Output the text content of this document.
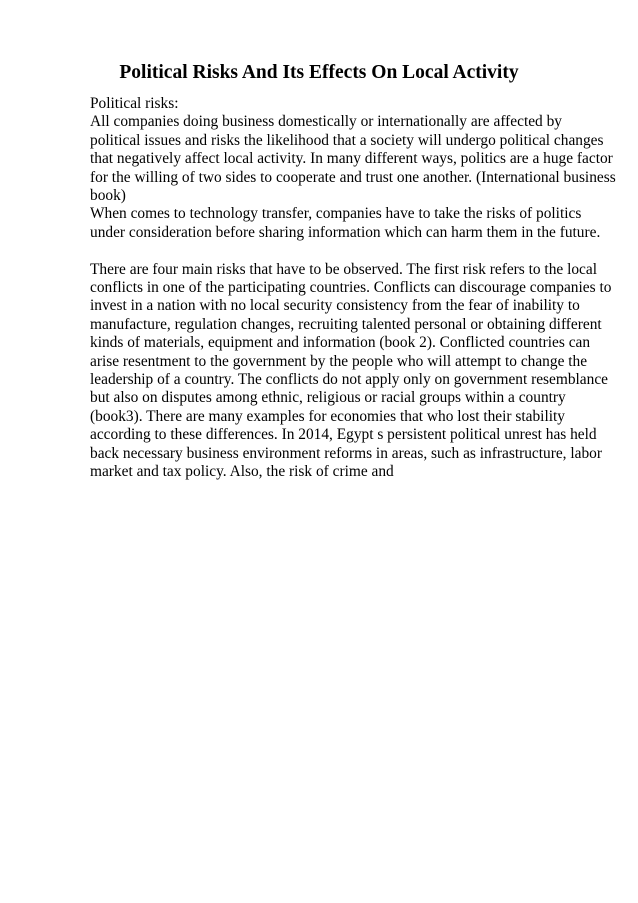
Political Risks And Its Effects On Local Activity
Political risks:
All companies doing business domestically or internationally are affected by
political issues and risks the likelihood that a society will undergo political changes
that negatively affect local activity. In many different ways, politics are a huge factor
for the willing of two sides to cooperate and trust one another. (International business
book)
When comes to technology transfer, companies have to take the risks of politics
under consideration before sharing information which can harm them in the future.
There are four main risks that have to be observed. The first risk refers to the local
conflicts in one of the participating countries. Conflicts can discourage companies to
invest in a nation with no local security consistency from the fear of inability to
manufacture, regulation changes, recruiting talented personal or obtaining different
kinds of materials, equipment and information (book 2). Conflicted countries can
arise resentment to the government by the people who will attempt to change the
leadership of a country. The conflicts do not apply only on government resemblance
but also on disputes among ethnic, religious or racial groups within a country
(book3). There are many examples for economies that who lost their stability
according to these differences. In 2014, Egypt s persistent political unrest has held
back necessary business environment reforms in areas, such as infrastructure, labor
market and tax policy. Also, the risk of crime and
